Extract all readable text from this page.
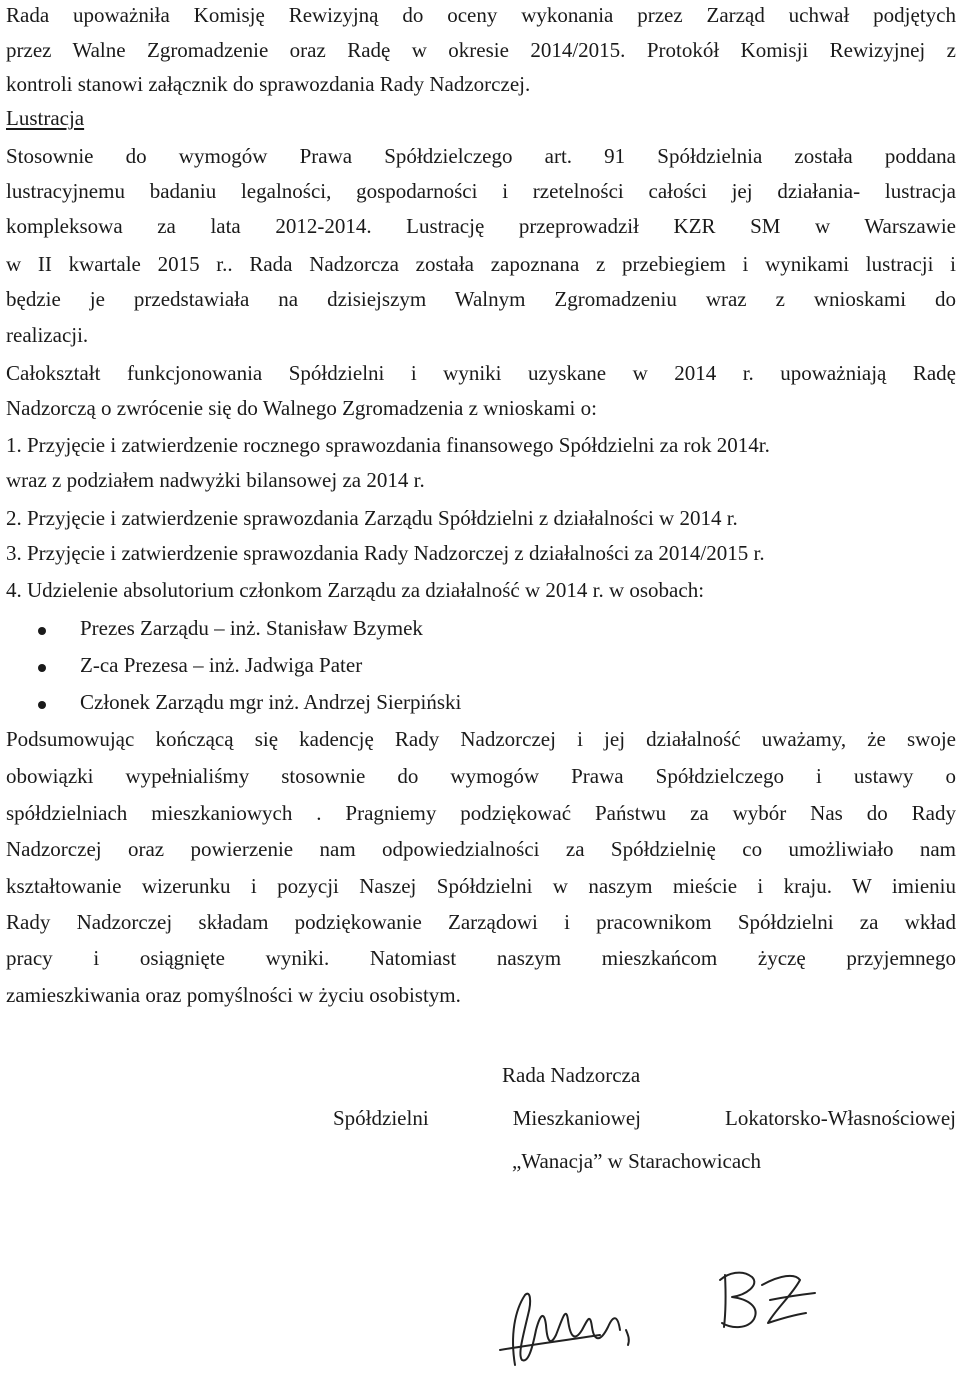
Rada upoważniła Komisję Rewizyjną do oceny wykonania przez Zarząd uchwał podjętych
przez Walne Zgromadzenie oraz Radę w okresie 2014/2015. Protokół Komisji Rewizyjnej z
kontroli stanowi załącznik do sprawozdania Rady Nadzorczej.
Lustracja
Stosownie do wymogów Prawa Spółdzielczego art. 91 Spółdzielnia została poddana
lustracyjnemu badaniu legalności, gospodarności i rzetelności całości jej działania- lustracja
kompleksowa za lata 2012-2014. Lustrację przeprowadził KZR SM w Warszawie
w II kwartale 2015 r.. Rada Nadzorcza została zapoznana z przebiegiem i wynikami lustracji i
będzie je przedstawiała na dzisiejszym Walnym Zgromadzeniu wraz z wnioskami do
realizacji.
Całokształt funkcjonowania Spółdzielni i wyniki uzyskane w 2014 r. upoważniają Radę
Nadzorczą o zwrócenie się do Walnego Zgromadzenia z wnioskami o:
1. Przyjęcie i zatwierdzenie rocznego sprawozdania finansowego Spółdzielni za rok 2014r.
wraz z podziałem nadwyżki bilansowej za 2014 r.
2. Przyjęcie i zatwierdzenie sprawozdania Zarządu Spółdzielni z działalności w 2014 r.
3. Przyjęcie i zatwierdzenie sprawozdania Rady Nadzorczej z działalności za 2014/2015 r.
4. Udzielenie absolutorium członkom Zarządu za działalność w 2014 r. w osobach:
Prezes Zarządu – inż. Stanisław Bzymek
Z-ca Prezesa – inż. Jadwiga Pater
Członek Zarządu mgr inż. Andrzej Sierpiński
Podsumowując kończącą się kadencję Rady Nadzorczej i jej działalność uważamy, że swoje
obowiązki wypełnialiśmy stosownie do wymogów Prawa Spółdzielczego i ustawy o
spółdzielniach mieszkaniowych . Pragniemy podziękować Państwu za wybór Nas do Rady
Nadzorczej oraz powierzenie nam odpowiedzialności za Spółdzielnię co umożliwiało nam
kształtowanie wizerunku i pozycji Naszej Spółdzielni w naszym mieście i kraju. W imieniu
Rady Nadzorczej składam podziękowanie Zarządowi i pracownikom Spółdzielni za wkład
pracy i osiągnięte wyniki. Natomiast naszym mieszkańcom życzę przyjemnego
zamieszkiwania oraz pomyślności w życiu osobistym.
Rada Nadzorcza
Spółdzielni Mieszkaniowej Lokatorsko-Własnościowej
„Wanacja” w Starachowicach
